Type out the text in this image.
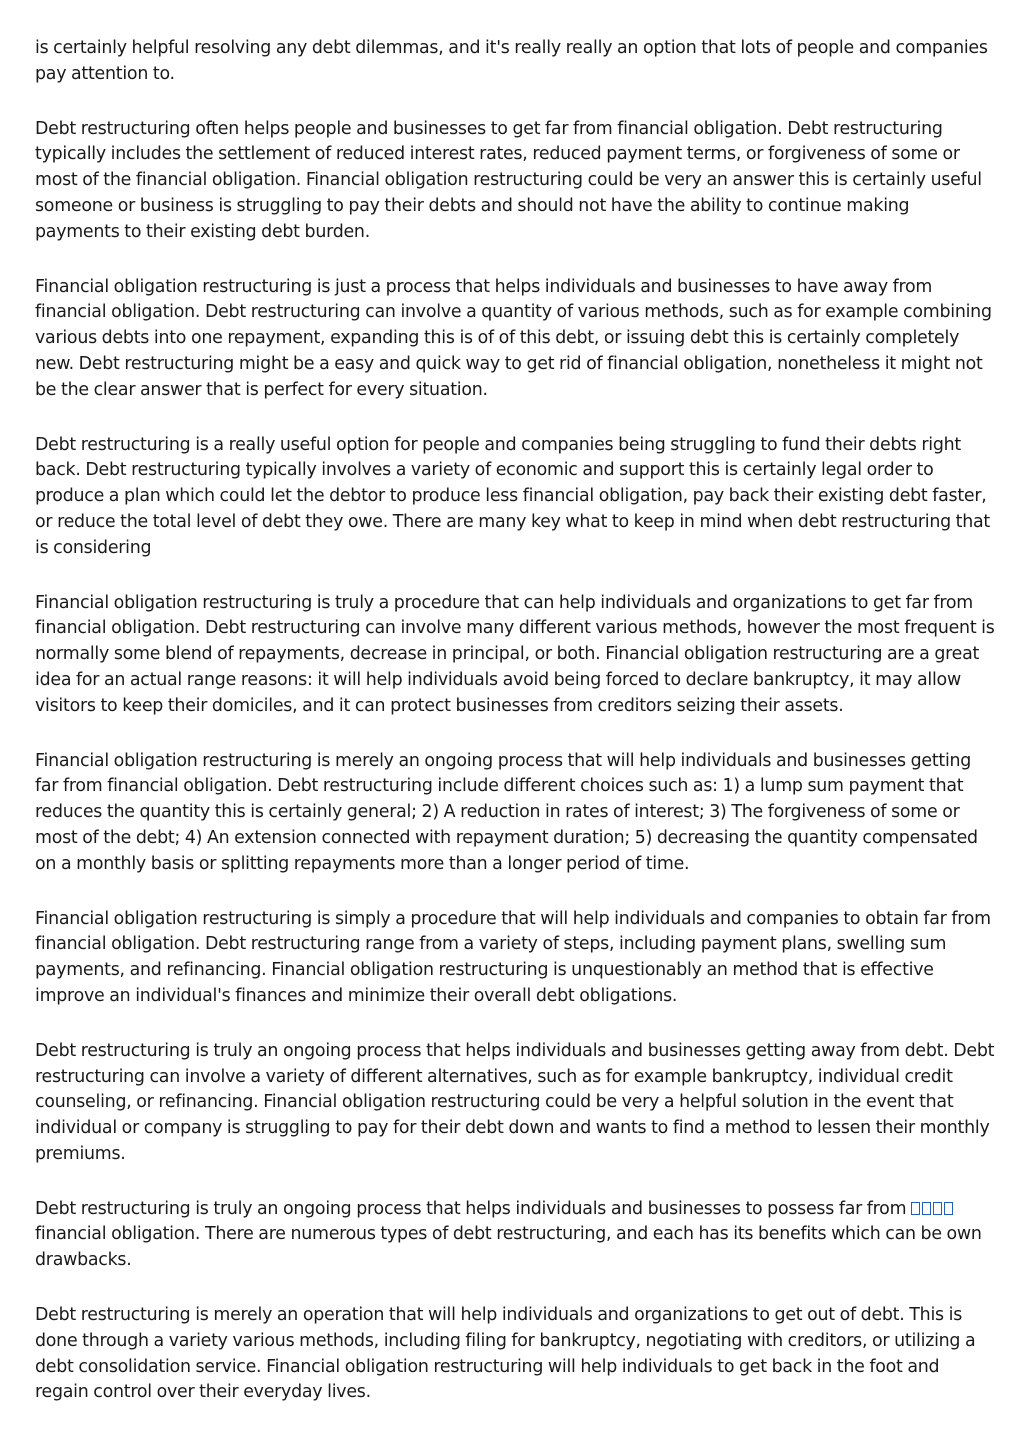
is certainly helpful resolving any debt dilemmas, and it's really really an option that lots of people and companies pay attention to.

Debt restructuring often helps people and businesses to get far from financial obligation. Debt restructuring typically includes the settlement of reduced interest rates, reduced payment terms, or forgiveness of some or most of the financial obligation. Financial obligation restructuring could be very an answer this is certainly useful someone or business is struggling to pay their debts and should not have the ability to continue making payments to their existing debt burden.

Financial obligation restructuring is just a process that helps individuals and businesses to have away from financial obligation. Debt restructuring can involve a quantity of various methods, such as for example combining various debts into one repayment, expanding this is of of this debt, or issuing debt this is certainly completely new. Debt restructuring might be a easy and quick way to get rid of financial obligation, nonetheless it might not be the clear answer that is perfect for every situation.

Debt restructuring is a really useful option for people and companies being struggling to fund their debts right back. Debt restructuring typically involves a variety of economic and support this is certainly legal order to produce a plan which could let the debtor to produce less financial obligation, pay back their existing debt faster, or reduce the total level of debt they owe. There are many key what to keep in mind when debt restructuring that is considering

Financial obligation restructuring is truly a procedure that can help individuals and organizations to get far from financial obligation. Debt restructuring can involve many different various methods, however the most frequent is normally some blend of repayments, decrease in principal, or both. Financial obligation restructuring are a great idea for an actual range reasons: it will help individuals avoid being forced to declare bankruptcy, it may allow visitors to keep their domiciles, and it can protect businesses from creditors seizing their assets.

Financial obligation restructuring is merely an ongoing process that will help individuals and businesses getting far from financial obligation. Debt restructuring include different choices such as: 1) a lump sum payment that reduces the quantity this is certainly general; 2) A reduction in rates of interest; 3) The forgiveness of some or most of the debt; 4) An extension connected with repayment duration; 5) decreasing the quantity compensated on a monthly basis or splitting repayments more than a longer period of time.

Financial obligation restructuring is simply a procedure that will help individuals and companies to obtain far from financial obligation. Debt restructuring range from a variety of steps, including payment plans, swelling sum payments, and refinancing. Financial obligation restructuring is unquestionably an method that is effective improve an individual's finances and minimize their overall debt obligations.

Debt restructuring is truly an ongoing process that helps individuals and businesses getting away from debt. Debt restructuring can involve a variety of different alternatives, such as for example bankruptcy, individual credit counseling, or refinancing. Financial obligation restructuring could be very a helpful solution in the event that individual or company is struggling to pay for their debt down and wants to find a method to lessen their monthly premiums.

Debt restructuring is truly an ongoing process that helps individuals and businesses to possess far from  financial obligation. There are numerous types of debt restructuring, and each has its benefits which can be own drawbacks.

Debt restructuring is merely an operation that will help individuals and organizations to get out of debt. This is done through a variety various methods, including filing for bankruptcy, negotiating with creditors, or utilizing a debt consolidation service. Financial obligation restructuring will help individuals to get back in the foot and regain control over their everyday lives.
